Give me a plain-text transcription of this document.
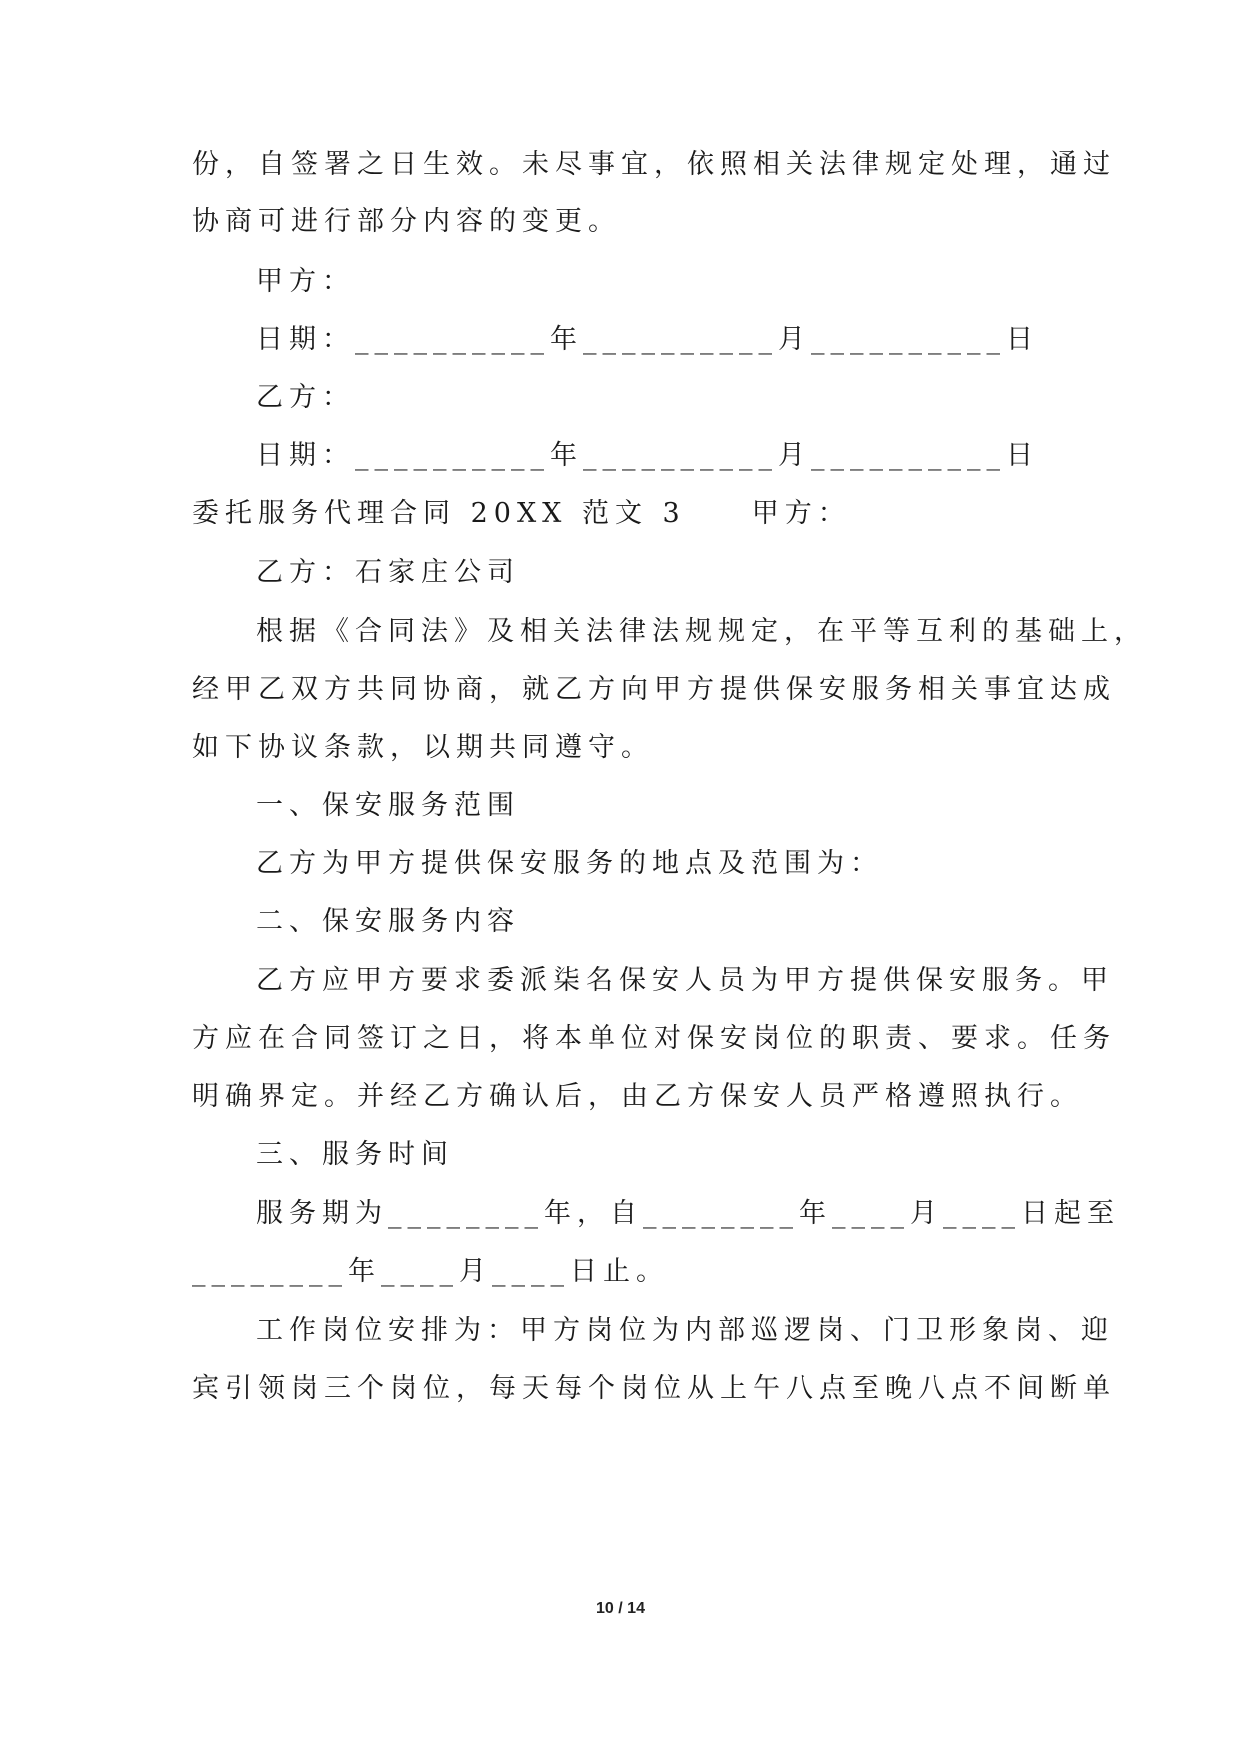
份，自签署之日生效。未尽事宜，依照相关法律规定处理，通过
协商可进行部分内容的变更。
甲方：
日期：__________年__________月__________日
乙方：
日期：__________年__________月__________日
委托服务代理合同 20XX 范文 3　　甲方：
乙方：石家庄公司
根据《合同法》及相关法律法规规定，在平等互利的基础上，
经甲乙双方共同协商，就乙方向甲方提供保安服务相关事宜达成
如下协议条款，以期共同遵守。
一、保安服务范围
乙方为甲方提供保安服务的地点及范围为：
二、保安服务内容
乙方应甲方要求委派柒名保安人员为甲方提供保安服务。甲
方应在合同签订之日，将本单位对保安岗位的职责、要求。任务
明确界定。并经乙方确认后，由乙方保安人员严格遵照执行。
三、服务时间
服务期为________年，自________年____月____日起至
________年____月____日止。
工作岗位安排为：甲方岗位为内部巡逻岗、门卫形象岗、迎
宾引领岗三个岗位，每天每个岗位从上午八点至晚八点不间断单
10 / 14
